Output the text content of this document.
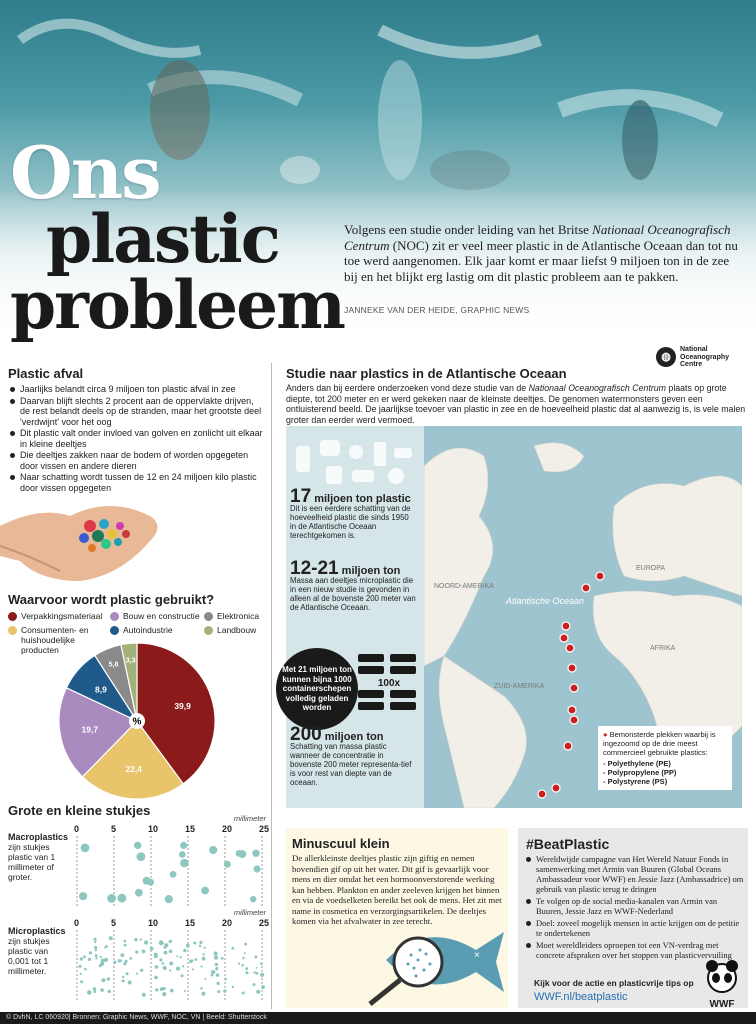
Ons
plastic
probleem
Volgens een studie onder leiding van het Britse Nationaal Oceanografisch Centrum (NOC) zit er veel meer plastic in de Atlantische Oceaan dan tot nu toe werd aangenomen. Elk jaar komt er maar liefst 9 miljoen ton in de zee bij en het blijkt erg lastig om dit plastic probleem aan te pakken.
JANNEKE VAN DER HEIDE, GRAPHIC NEWS
Plastic afval
Jaarlijks belandt circa 9 miljoen ton plastic afval in zee
Daarvan blijft slechts 2 procent aan de oppervlakte drijven, de rest belandt deels op de stranden, maar het grootste deel 'verdwijnt' voor het oog
Dit plastic valt onder invloed van golven en zonlicht uit elkaar in kleine deeltjes
Die deeltjes zakken naar de bodem of worden opgegeten door vissen en andere dieren
Naar schatting wordt tussen de 12 en 24 miljoen kilo plastic door vissen opgegeten
Waarvoor wordt plastic gebruikt?
Verpakkingsmateriaal Bouw en constructie Elektronica
Consumenten- en huishoudelijke producten
Autoindustrie	Landbouw
39,9
22,4
19,7
8,9
5,8
3,3
%
Grote en kleine stukjes
millimeter
Macroplastics
zijn stukjes plastic van 1 millimeter of groter.
0	5	10	15	20	25
millimeter
Microplastics
zijn stukjes plastic van 0,001 tot 1 millimeter.
0	5	10	15	20	25
Studie naar plastics in de Atlantische Oceaan

Anders dan bij eerdere onderzoeken vond deze studie van de Nationaal Oceanografisch Centrum plaats op grote diepte, tot 200 meter en er werd gekeken naar de kleinste deeltjes. De genomen watermonsters geven een ontluisterend beeld. De jaarlijkse toevoer van plastic in zee en de hoeveelheid plastic dat al aanwezig is, is vele malen groter dan eerder werd vermoed.

◍
National
Oceanography
Centre
17 miljoen ton plastic
Dit is een eerdere schatting van de hoeveelheid plastic die sinds 1950 in de Atlantische Oceaan terechtgekomen is.
12-21 miljoen ton
Massa aan deeltjes microplastic die in een nieuw studie is gevonden in alleen al de bovenste 200 meter van de Atlantische Oceaan.
Met 21 miljoen ton kunnen bijna 1000 containerschepen volledig geladen worden
100x
200 miljoen ton
Schatting van massa plastic wanneer de concentratie in bovenste 200 meter representa-tief is voor rest van diepte van de oceaan.
NOORD-AMERIKA
EUROPA
ZUID-AMERIKA
AFRIKA
Atlantische Oceaan
● Bemonsterde plekken waarbij is ingezoomd op de drie meest commercieel gebruikte plastics:
- Polyethylene (PE)
- Polypropylene (PP)
- Polystyrene (PS)
Minuscuul klein

De allerkleinste deeltjes plastic zijn giftig en nemen bovendien gif op uit het water. Dit gif is gevaarlijk voor mens en dier omdat het een hormoonverstorende werking kan hebben. Plankton en ander zeeleven krijgen het binnen en via de voedselketen bereikt het ook de mens. Het zit met name in cosmetica en verzorgingsartikelen. De deeltjes komen via het afvalwater in zee terecht.

×
#BeatPlastic
Wereldwijde campagne van Het Wereld Natuur Fonds in samenwerking met Armin van Buuren (Global Oceans Ambassadeur voor WWF) en Jessie Jazz (Ambassadrice) om gebruik van plastic terug te dringen
Te volgen op de social media-kanalen van Armin van Buuren, Jessie Jazz en WWF-Nederland
Doel: zoveel mogelijk mensen in actie krijgen om de petitie te ondertekenen
Moet wereldleiders oproepen tot een VN-verdrag met concrete afspraken over het stoppen van plasticvervuiling
Kijk voor de actie en plasticvrije tips op
WWF.nl/beatplastic
WWF
© DvhN, LC 060920| Bronnen: Graphic News, WWF, NOC, VN | Beeld: Shutterstock
